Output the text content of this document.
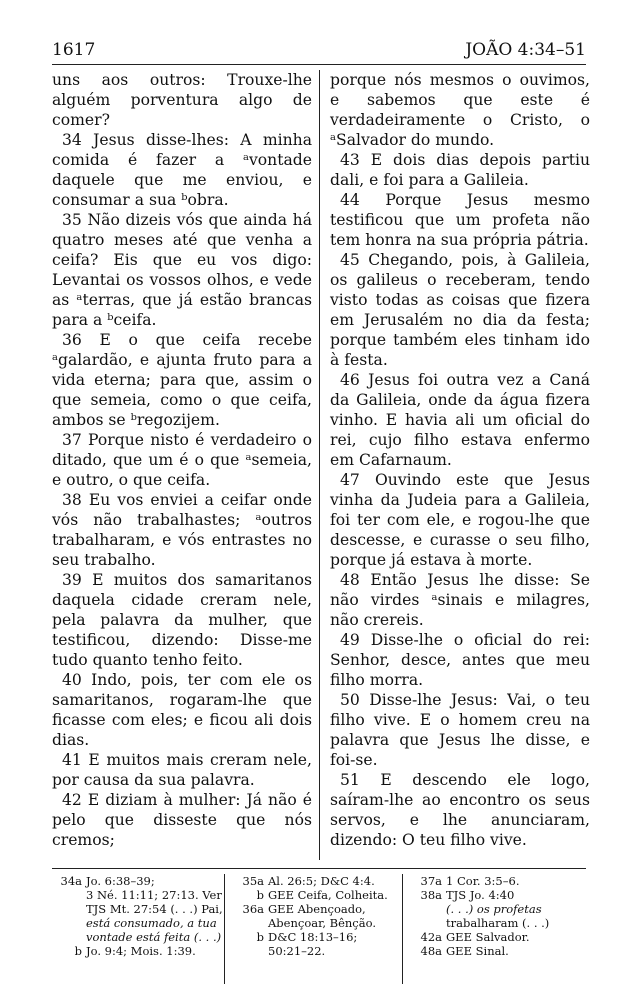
1617	JOÃO 4:34–51

uns aos outros: Trouxe-lhe alguém porventura algo de comer?

34 Jesus disse-lhes: A minha comida é fazer a ᵃvontade daquele que me enviou, e consumar a sua ᵇobra.

35 Não dizeis vós que ainda há quatro meses até que venha a ceifa? Eis que eu vos digo: Levantai os vossos olhos, e vede as ᵃterras, que já estão brancas para a ᵇceifa.

36 E o que ceifa recebe ᵃgalardão, e ajunta fruto para a vida eterna; para que, assim o que semeia, como o que ceifa, ambos se ᵇregozijem.

37 Porque nisto é verdadeiro o ditado, que um é o que ᵃsemeia, e outro, o que ceifa.

38 Eu vos enviei a ceifar onde vós não trabalhastes; ᵃoutros trabalharam, e vós entrastes no seu trabalho.

39 E muitos dos samaritanos daquela cidade creram nele, pela palavra da mulher, que testificou, dizendo: Disse-me tudo quanto tenho feito.

40 Indo, pois, ter com ele os samaritanos, rogaram-lhe que ficasse com eles; e ficou ali dois dias.

41 E muitos mais creram nele, por causa da sua palavra.

42 E diziam à mulher: Já não é pelo que disseste que nós cremos;

porque nós mesmos o ouvimos, e sabemos que este é verdadeiramente o Cristo, o ᵃSalvador do mundo.

43 E dois dias depois partiu dali, e foi para a Galileia.

44 Porque Jesus mesmo testificou que um profeta não tem honra na sua própria pátria.

45 Chegando, pois, à Galileia, os galileus o receberam, tendo visto todas as coisas que fizera em Jerusalém no dia da festa; porque também eles tinham ido à festa.

46 Jesus foi outra vez a Caná da Galileia, onde da água fizera vinho. E havia ali um oficial do rei, cujo filho estava enfermo em Cafarnaum.

47 Ouvindo este que Jesus vinha da Judeia para a Galileia, foi ter com ele, e rogou-lhe que descesse, e curasse o seu filho, porque já estava à morte.

48 Então Jesus lhe disse: Se não virdes ᵃsinais e milagres, não crereis.

49 Disse-lhe o oficial do rei: Senhor, desce, antes que meu filho morra.

50 Disse-lhe Jesus: Vai, o teu filho vive. E o homem creu na palavra que Jesus lhe disse, e foi-se.

51 E descendo ele logo, saíram-lhe ao encontro os seus servos, e lhe anunciaram, dizendo: O teu filho vive.

34a Jo. 6:38–39;
3 Né. 11:11; 27:13. Ver
TJS Mt. 27:54 (. . .) Pai,
está consumado, a tua
vontade está feita (. . .)
b Jo. 9:4; Mois. 1:39.
35a Al. 26:5; D&C 4:4.
b GEE Ceifa, Colheita.
36a GEE Abençoado,
Abençoar, Bênção.
b D&C 18:13–16;
50:21–22.
37a 1 Cor. 3:5–6.
38a TJS Jo. 4:40
(. . .) os profetas
trabalharam (. . .)
42a GEE Salvador.
48a GEE Sinal.
